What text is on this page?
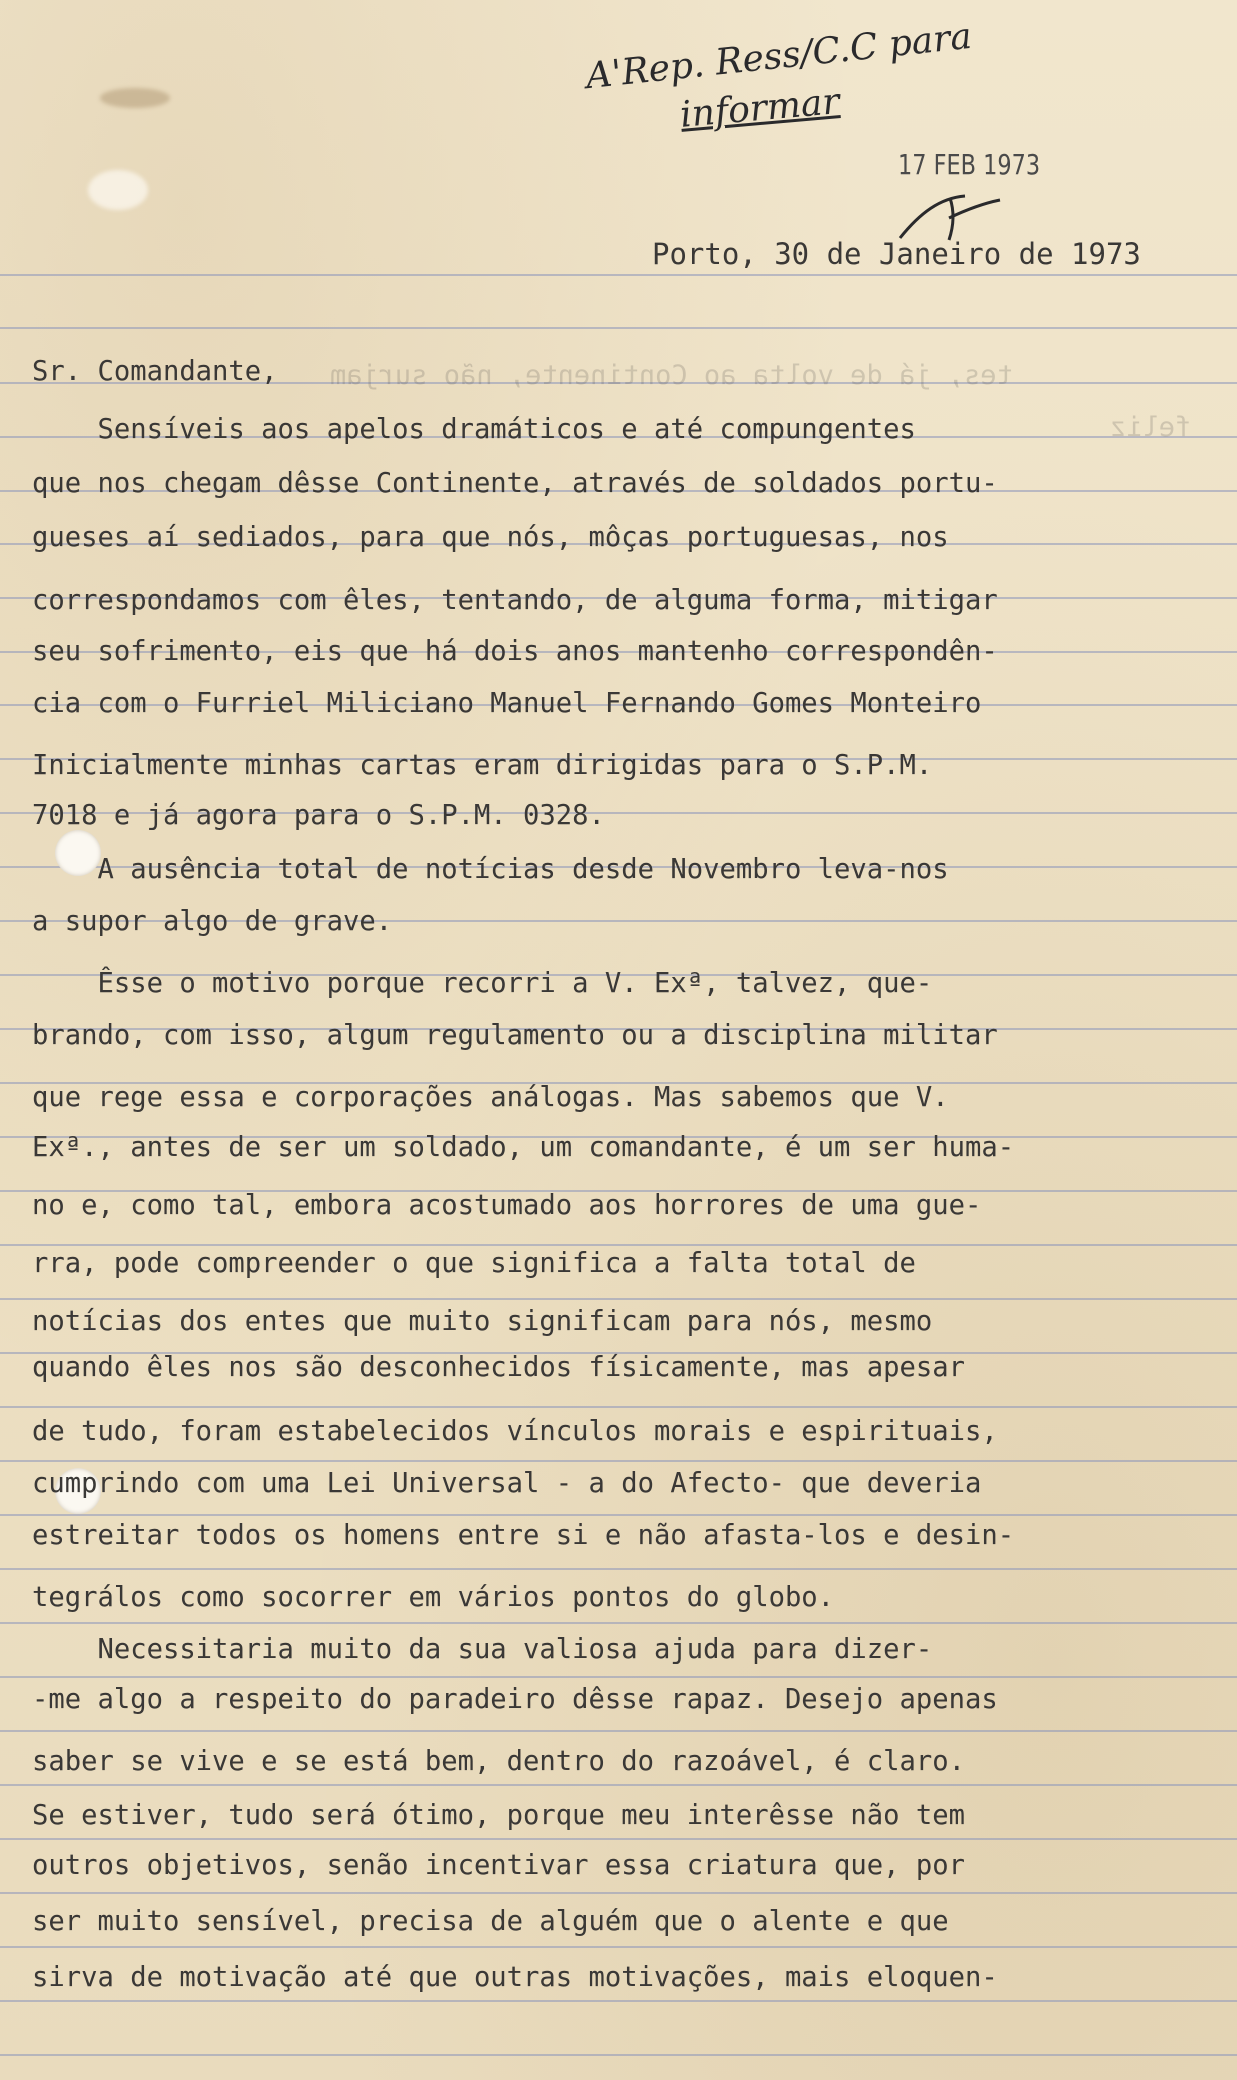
tes, já de volta ao Continente, não surjam

feliz

A'Rep. Ress/C.C para
informar
17 FEB 1973

Porto, 30 de Janeiro de 1973

Sr. Comandante,

Sensíveis aos apelos dramáticos e até compungentes

que nos chegam dêsse Continente, através de soldados portu-

gueses aí sediados, para que nós, môças portuguesas, nos

correspondamos com êles, tentando, de alguma forma, mitigar

seu sofrimento, eis que há dois anos mantenho correspondên-

cia com o Furriel Miliciano Manuel Fernando Gomes Monteiro

Inicialmente minhas cartas eram dirigidas para o S.P.M.

7018 e já agora para o S.P.M. 0328.

A ausência total de notícias desde Novembro leva-nos

a supor algo de grave.

Êsse o motivo porque recorri a V. Exª, talvez, que-

brando, com isso, algum regulamento ou a disciplina militar

que rege essa e corporações análogas. Mas sabemos que V.

Exª., antes de ser um soldado, um comandante, é um ser huma-

no e, como tal, embora acostumado aos horrores de uma gue-

rra, pode compreender o que significa a falta total de

notícias dos entes que muito significam para nós, mesmo

quando êles nos são desconhecidos físicamente, mas apesar

de tudo, foram estabelecidos vínculos morais e espirituais,

cumprindo com uma Lei Universal - a do Afecto- que deveria

estreitar todos os homens entre si e não afasta-los e desin-

tegrálos como socorrer em vários pontos do globo.

Necessitaria muito da sua valiosa ajuda para dizer-

-me algo a respeito do paradeiro dêsse rapaz. Desejo apenas

saber se vive e se está bem, dentro do razoável, é claro.

Se estiver, tudo será ótimo, porque meu interêsse não tem

outros objetivos, senão incentivar essa criatura que, por

ser muito sensível, precisa de alguém que o alente e que

sirva de motivação até que outras motivações, mais eloquen-
